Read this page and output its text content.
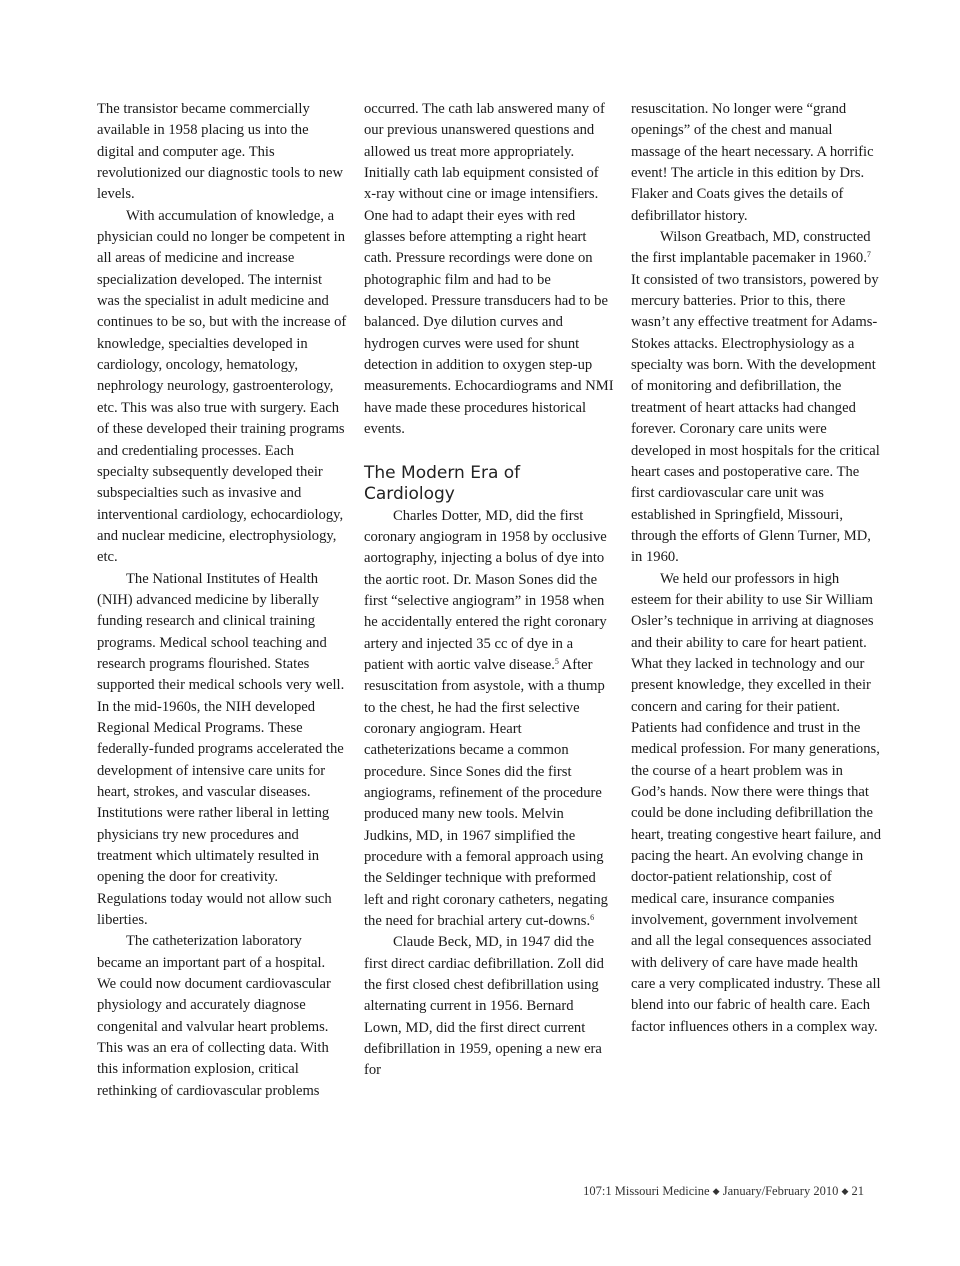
The transistor became commercially available in 1958 placing us into the digital and computer age. This revolutionized our diagnostic tools to new levels.

With accumulation of knowledge, a physician could no longer be competent in all areas of medicine and increase specialization developed. The internist was the specialist in adult medicine and continues to be so, but with the increase of knowledge, specialties developed in cardiology, oncology, hematology, nephrology neurology, gastroenterology, etc. This was also true with surgery. Each of these developed their training programs and credentialing processes. Each specialty subsequently developed their subspecialties such as invasive and interventional cardiology, echocardiology, and nuclear medicine, electrophysiology, etc.

The National Institutes of Health (NIH) advanced medicine by liberally funding research and clinical training programs. Medical school teaching and research programs flourished. States supported their medical schools very well. In the mid-1960s, the NIH developed Regional Medical Programs. These federally-funded programs accelerated the development of intensive care units for heart, strokes, and vascular diseases. Institutions were rather liberal in letting physicians try new procedures and treatment which ultimately resulted in opening the door for creativity. Regulations today would not allow such liberties.

The catheterization laboratory became an important part of a hospital. We could now document cardiovascular physiology and accurately diagnose congenital and valvular heart problems. This was an era of collecting data. With this information explosion, critical rethinking of cardiovascular problems

occurred. The cath lab answered many of our previous unanswered questions and allowed us treat more appropriately. Initially cath lab equipment consisted of x-ray without cine or image intensifiers. One had to adapt their eyes with red glasses before attempting a right heart cath. Pressure recordings were done on photographic film and had to be developed. Pressure transducers had to be balanced. Dye dilution curves and hydrogen curves were used for shunt detection in addition to oxygen step-up measurements. Echocardiograms and NMI have made these procedures historical events.

The Modern Era of Cardiology

Charles Dotter, MD, did the first coronary angiogram in 1958 by occlusive aortography, injecting a bolus of dye into the aortic root. Dr. Mason Sones did the first “selective angiogram” in 1958 when he accidentally entered the right coronary artery and injected 35 cc of dye in a patient with aortic valve disease.$^5$ After resuscitation from asystole, with a thump to the chest, he had the first selective coronary angiogram. Heart catheterizations became a common procedure. Since Sones did the first angiograms, refinement of the procedure produced many new tools. Melvin Judkins, MD, in 1967 simplified the procedure with a femoral approach using the Seldinger technique with preformed left and right coronary catheters, negating the need for brachial artery cut-downs.$^6$

Claude Beck, MD, in 1947 did the first direct cardiac defibrillation. Zoll did the first closed chest defibrillation using alternating current in 1956. Bernard Lown, MD, did the first direct current defibrillation in 1959, opening a new era for

resuscitation. No longer were “grand openings” of the chest and manual massage of the heart necessary. A horrific event! The article in this edition by Drs. Flaker and Coats gives the details of defibrillator history.

Wilson Greatbach, MD, constructed the first implantable pacemaker in 1960.$^7$ It consisted of two transistors, powered by mercury batteries. Prior to this, there wasn’t any effective treatment for Adams-Stokes attacks. Electrophysiology as a specialty was born. With the development of monitoring and defibrillation, the treatment of heart attacks had changed forever. Coronary care units were developed in most hospitals for the critical heart cases and postoperative care. The first cardiovascular care unit was established in Springfield, Missouri, through the efforts of Glenn Turner, MD, in 1960.

We held our professors in high esteem for their ability to use Sir William Osler’s technique in arriving at diagnoses and their ability to care for heart patient. What they lacked in technology and our present knowledge, they excelled in their concern and caring for their patient. Patients had confidence and trust in the medical profession. For many generations, the course of a heart problem was in God’s hands. Now there were things that could be done including defibrillation the heart, treating congestive heart failure, and pacing the heart. An evolving change in doctor-patient relationship, cost of medical care, insurance companies involvement, government involvement and all the legal consequences associated with delivery of care have made health care a very complicated industry. These all blend into our fabric of health care. Each factor influences others in a complex way.

107:1 Missouri Medicine ◆ January/February 2010 ◆ 21
